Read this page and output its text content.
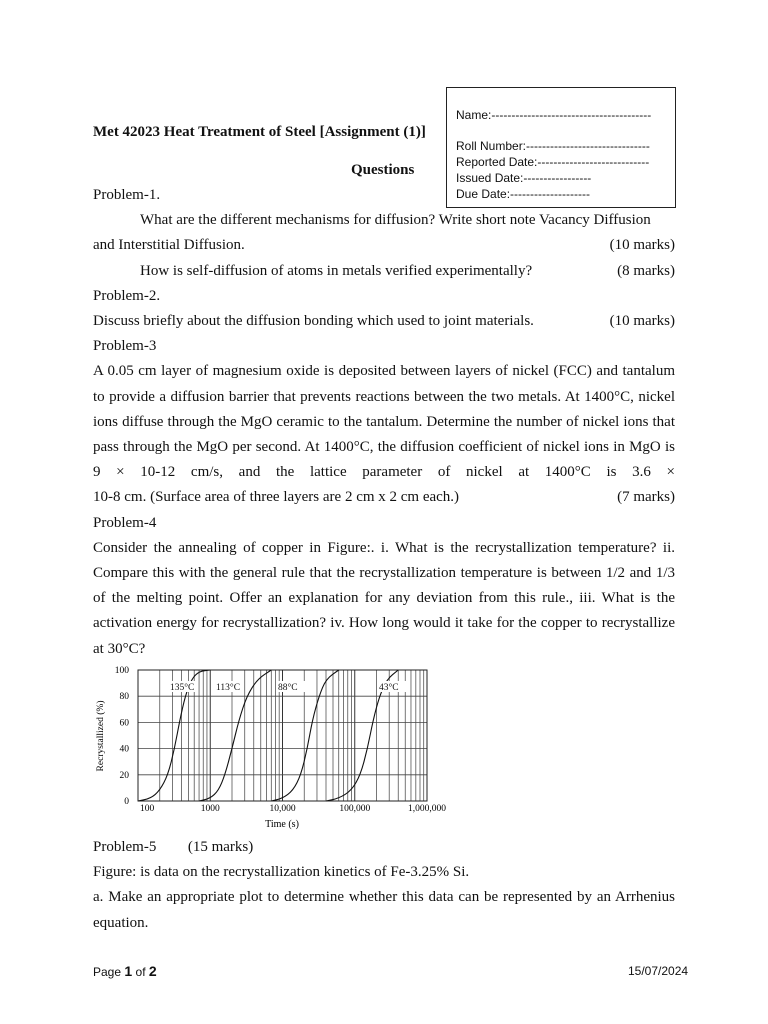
Name:----------------------------------------
Roll Number:-------------------------------
Reported Date:----------------------------
Issued Date:-----------------
Due Date:--------------------
Met 42023 Heat Treatment of Steel [Assignment (1)]
Questions

Problem-1.

What are the different mechanisms for diffusion? Write short note Vacancy Diffusion

and Interstitial Diffusion.	(10 marks)
How is self-diffusion of atoms in metals verified experimentally?	(8 marks)

Problem-2.

Discuss briefly about the diffusion bonding which used to joint materials.	(10 marks)

Problem-3

A 0.05 cm layer of magnesium oxide is deposited between layers of nickel (FCC) and tantalum to provide a diffusion barrier that prevents reactions between the two metals. At 1400°C, nickel ions diffuse through the MgO ceramic to the tantalum. Determine the number of nickel ions that pass through the MgO per second. At 1400°C, the diffusion coefficient of nickel ions in MgO is 9 × 10-12 cm/s, and the lattice parameter of nickel at 1400°C is 3.6 ×

10-8 cm. (Surface area of three layers are 2 cm x 2 cm each.)	(7 marks)

Problem-4

Consider the annealing of copper in Figure:. i. What is the recrystallization temperature? ii. Compare this with the general rule that the recrystallization temperature is between 1/2 and 1/3 of the melting point. Offer an explanation for any deviation from this rule., iii. What is the activation energy for recrystallization? iv. How long would it take for the copper to recrystallize at 30°C?

135°C 113°C	88°C	43°C
0
20
40
60
80
100
100	1000	10,000	100,000	1,000,000
Time (s)
Recrystallized (%)

Problem-5 (15 marks)

Figure: is data on the recrystallization kinetics of Fe-3.25% Si.

a. Make an appropriate plot to determine whether this data can be represented by an Arrhenius equation.

Page 1 of 2	15/07/2024
